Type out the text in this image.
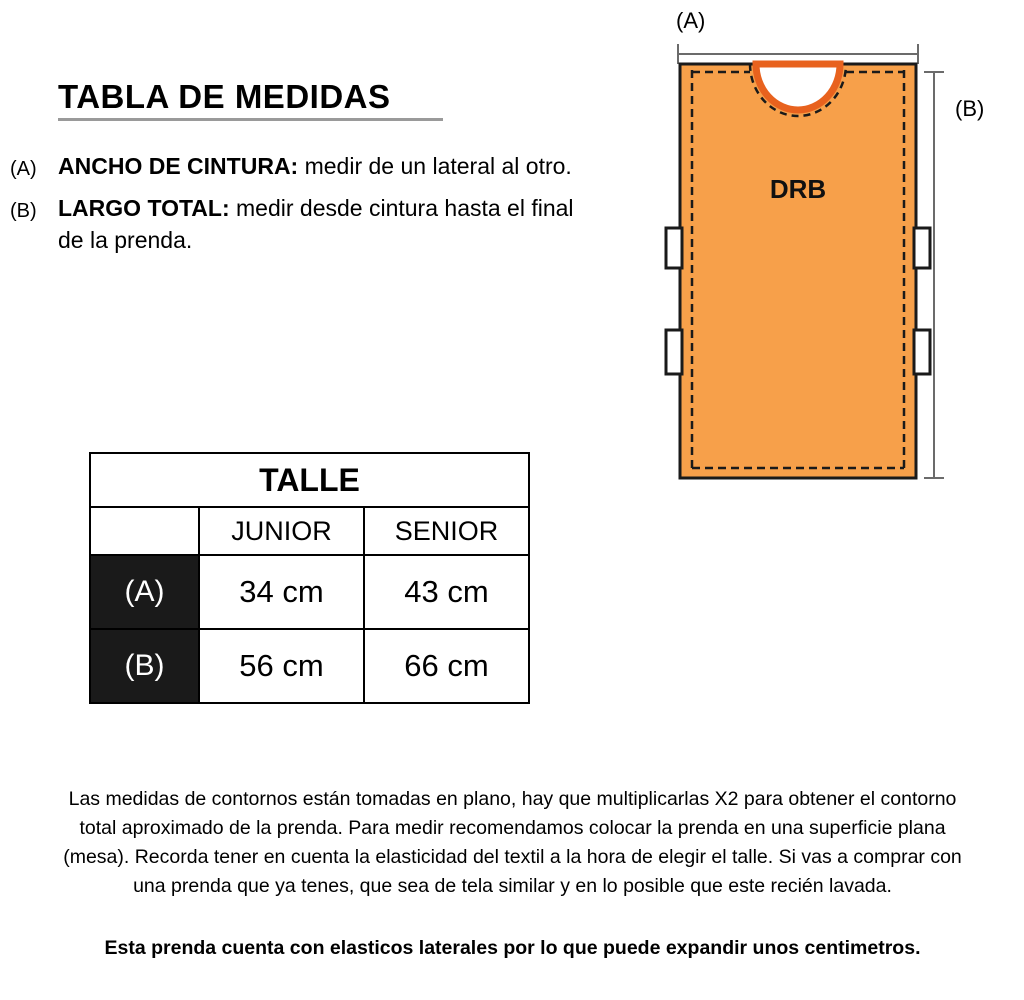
TABLA DE MEDIDAS
(A) ANCHO DE CINTURA: medir de un lateral al otro.
(B) LARGO TOTAL: medir desde cintura hasta el final de la prenda.
(A)
(B)
DRB
TALLE		
	JUNIOR	SENIOR
(A)	34 cm	43 cm
(B)	56 cm	66 cm
Las medidas de contornos están tomadas en plano, hay que multiplicarlas X2 para obtener el contorno total aproximado de la prenda. Para medir recomendamos colocar la prenda en una superficie plana (mesa). Recorda tener en cuenta la elasticidad del textil a la hora de elegir el talle. Si vas a comprar con una prenda que ya tenes, que sea de tela similar y en lo posible que este recién lavada.
Esta prenda cuenta con elasticos laterales por lo que puede expandir unos centimetros.
